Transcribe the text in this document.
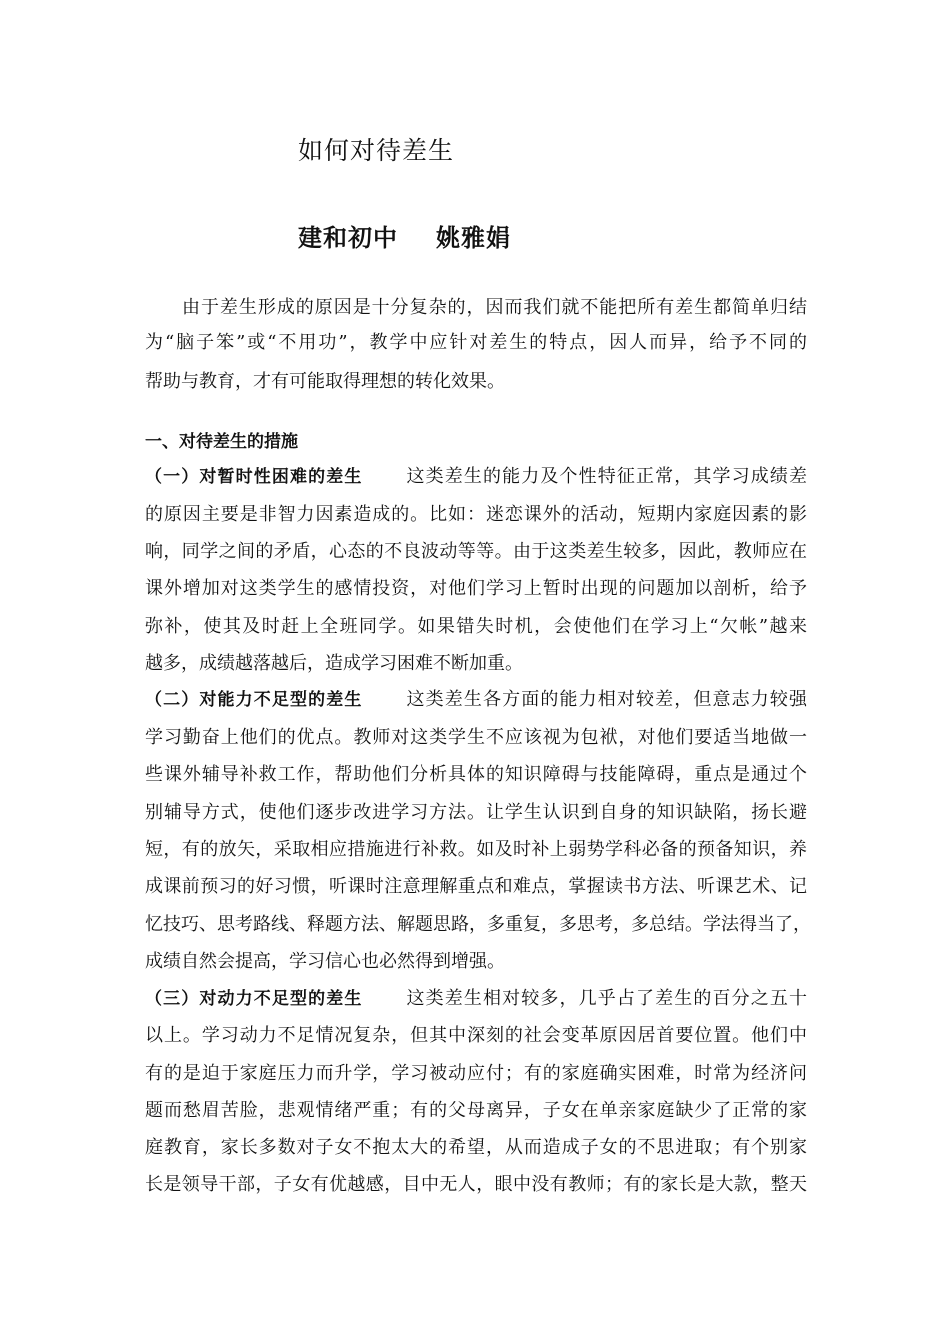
如何对待差生
建和初中 姚雅娟
由于差生形成的原因是十分复杂的，因而我们就不能把所有差生都简单归结
为“脑子笨”或“不用功”，教学中应针对差生的特点，因人而异，给予不同的
帮助与教育，才有可能取得理想的转化效果。
一、对待差生的措施
（一）对暂时性困难的差生 这类差生的能力及个性特征正常，其学习成绩差
的原因主要是非智力因素造成的。比如：迷恋课外的活动，短期内家庭因素的影
响，同学之间的矛盾，心态的不良波动等等。由于这类差生较多，因此，教师应在
课外增加对这类学生的感情投资，对他们学习上暂时出现的问题加以剖析，给予
弥补，使其及时赶上全班同学。如果错失时机，会使他们在学习上“欠帐”越来
越多，成绩越落越后，造成学习困难不断加重。
（二）对能力不足型的差生 这类差生各方面的能力相对较差，但意志力较强
学习勤奋上他们的优点。教师对这类学生不应该视为包袱，对他们要适当地做一
些课外辅导补救工作，帮助他们分析具体的知识障碍与技能障碍，重点是通过个
别辅导方式，使他们逐步改进学习方法。让学生认识到自身的知识缺陷，扬长避
短，有的放矢，采取相应措施进行补救。如及时补上弱势学科必备的预备知识，养
成课前预习的好习惯，听课时注意理解重点和难点，掌握读书方法、听课艺术、记
忆技巧、思考路线、释题方法、解题思路，多重复，多思考，多总结。学法得当了，
成绩自然会提高，学习信心也必然得到增强。
（三）对动力不足型的差生 这类差生相对较多，几乎占了差生的百分之五十
以上。学习动力不足情况复杂，但其中深刻的社会变革原因居首要位置。他们中
有的是迫于家庭压力而升学，学习被动应付；有的家庭确实困难，时常为经济问
题而愁眉苦脸，悲观情绪严重；有的父母离异，子女在单亲家庭缺少了正常的家
庭教育，家长多数对子女不抱太大的希望，从而造成子女的不思进取；有个别家
长是领导干部，子女有优越感，目中无人，眼中没有教师；有的家长是大款，整天
